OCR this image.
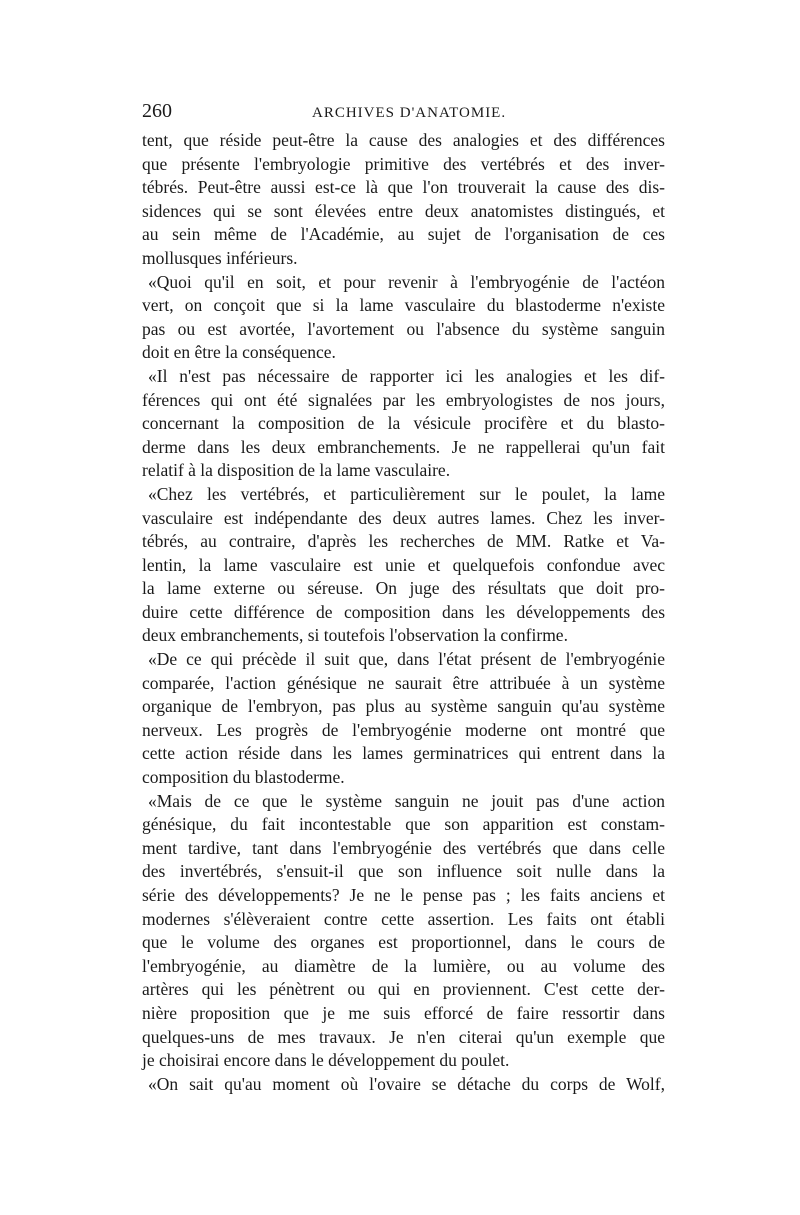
260	ARCHIVES D'ANATOMIE.
tent, que réside peut-être la cause des analogies et des différences
que présente l'embryologie primitive des vertébrés et des inver-
tébrés. Peut-être aussi est-ce là que l'on trouverait la cause des dis-
sidences qui se sont élevées entre deux anatomistes distingués, et
au sein même de l'Académie, au sujet de l'organisation de ces
mollusques inférieurs.
«Quoi qu'il en soit, et pour revenir à l'embryogénie de l'actéon
vert, on conçoit que si la lame vasculaire du blastoderme n'existe
pas ou est avortée, l'avortement ou l'absence du système sanguin
doit en être la conséquence.
«Il n'est pas nécessaire de rapporter ici les analogies et les dif-
férences qui ont été signalées par les embryologistes de nos jours,
concernant la composition de la vésicule procifère et du blasto-
derme dans les deux embranchements. Je ne rappellerai qu'un fait
relatif à la disposition de la lame vasculaire.
«Chez les vertébrés, et particulièrement sur le poulet, la lame
vasculaire est indépendante des deux autres lames. Chez les inver-
tébrés, au contraire, d'après les recherches de MM. Ratke et Va-
lentin, la lame vasculaire est unie et quelquefois confondue avec
la lame externe ou séreuse. On juge des résultats que doit pro-
duire cette différence de composition dans les développements des
deux embranchements, si toutefois l'observation la confirme.
«De ce qui précède il suit que, dans l'état présent de l'embryogénie
comparée, l'action génésique ne saurait être attribuée à un système
organique de l'embryon, pas plus au système sanguin qu'au système
nerveux. Les progrès de l'embryogénie moderne ont montré que
cette action réside dans les lames germinatrices qui entrent dans la
composition du blastoderme.
«Mais de ce que le système sanguin ne jouit pas d'une action
génésique, du fait incontestable que son apparition est constam-
ment tardive, tant dans l'embryogénie des vertébrés que dans celle
des invertébrés, s'ensuit-il que son influence soit nulle dans la
série des développements? Je ne le pense pas ; les faits anciens et
modernes s'élèveraient contre cette assertion. Les faits ont établi
que le volume des organes est proportionnel, dans le cours de
l'embryogénie, au diamètre de la lumière, ou au volume des
artères qui les pénètrent ou qui en proviennent. C'est cette der-
nière proposition que je me suis efforcé de faire ressortir dans
quelques-uns de mes travaux. Je n'en citerai qu'un exemple que
je choisirai encore dans le développement du poulet.
«On sait qu'au moment où l'ovaire se détache du corps de Wolf,
